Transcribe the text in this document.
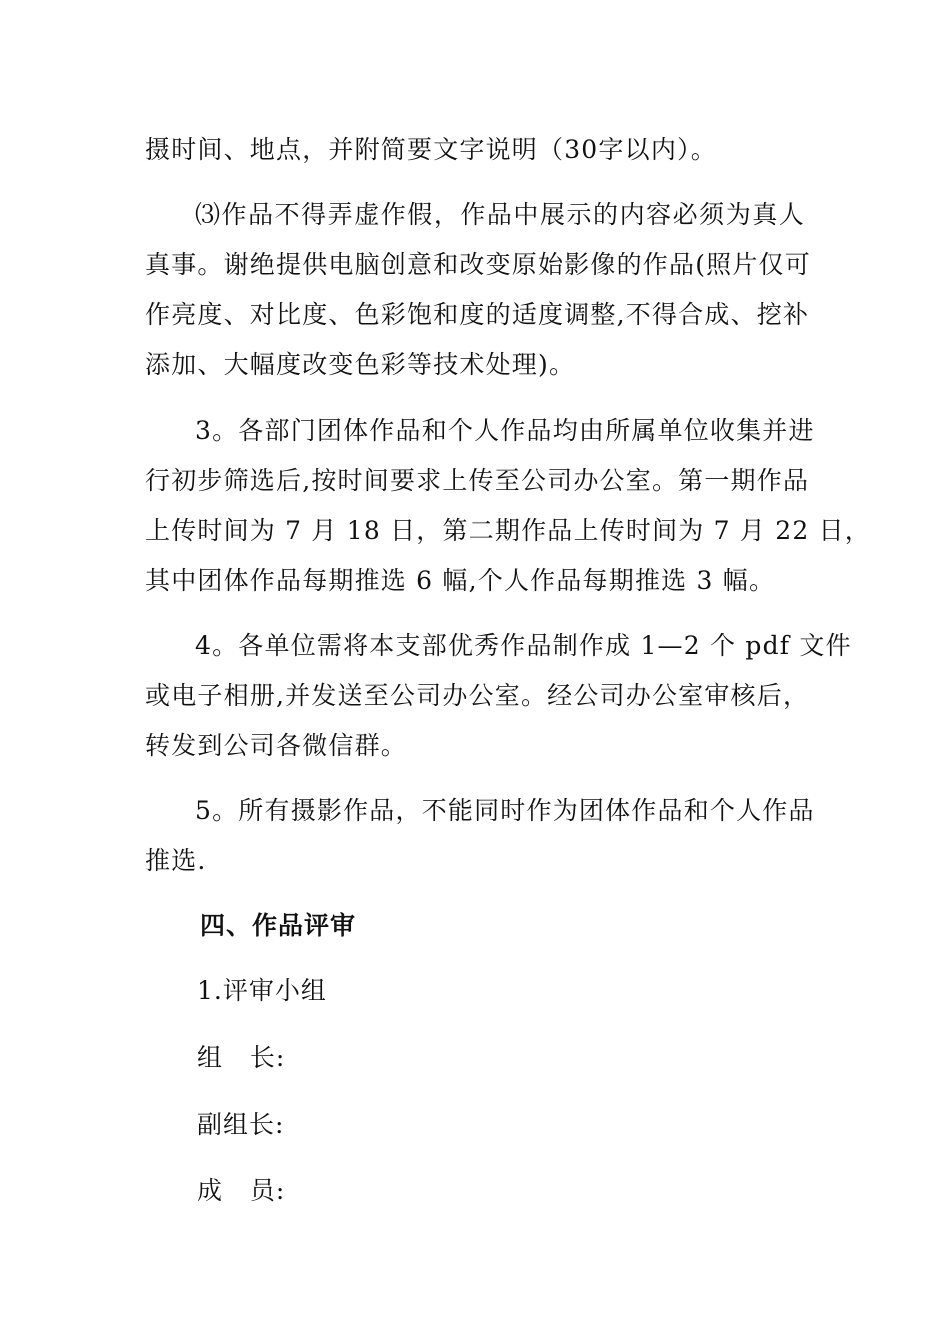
摄时间、地点，并附简要文字说明（30字以内）。
⑶作品不得弄虚作假，作品中展示的内容必须为真人
真事。谢绝提供电脑创意和改变原始影像的作品(照片仅可
作亮度、对比度、色彩饱和度的适度调整,不得合成、挖补
添加、大幅度改变色彩等技术处理)。
3。各部门团体作品和个人作品均由所属单位收集并进
行初步筛选后,按时间要求上传至公司办公室。第一期作品
上传时间为 7 月 18 日，第二期作品上传时间为 7 月 22 日，
其中团体作品每期推选 6 幅,个人作品每期推选 3 幅。
4。各单位需将本支部优秀作品制作成 1—2 个 pdf 文件
或电子相册,并发送至公司办公室。经公司办公室审核后，
转发到公司各微信群。
5。所有摄影作品，不能同时作为团体作品和个人作品
推选.
四、作品评审
1.评审小组
组   长:
副组长:
成   员:
